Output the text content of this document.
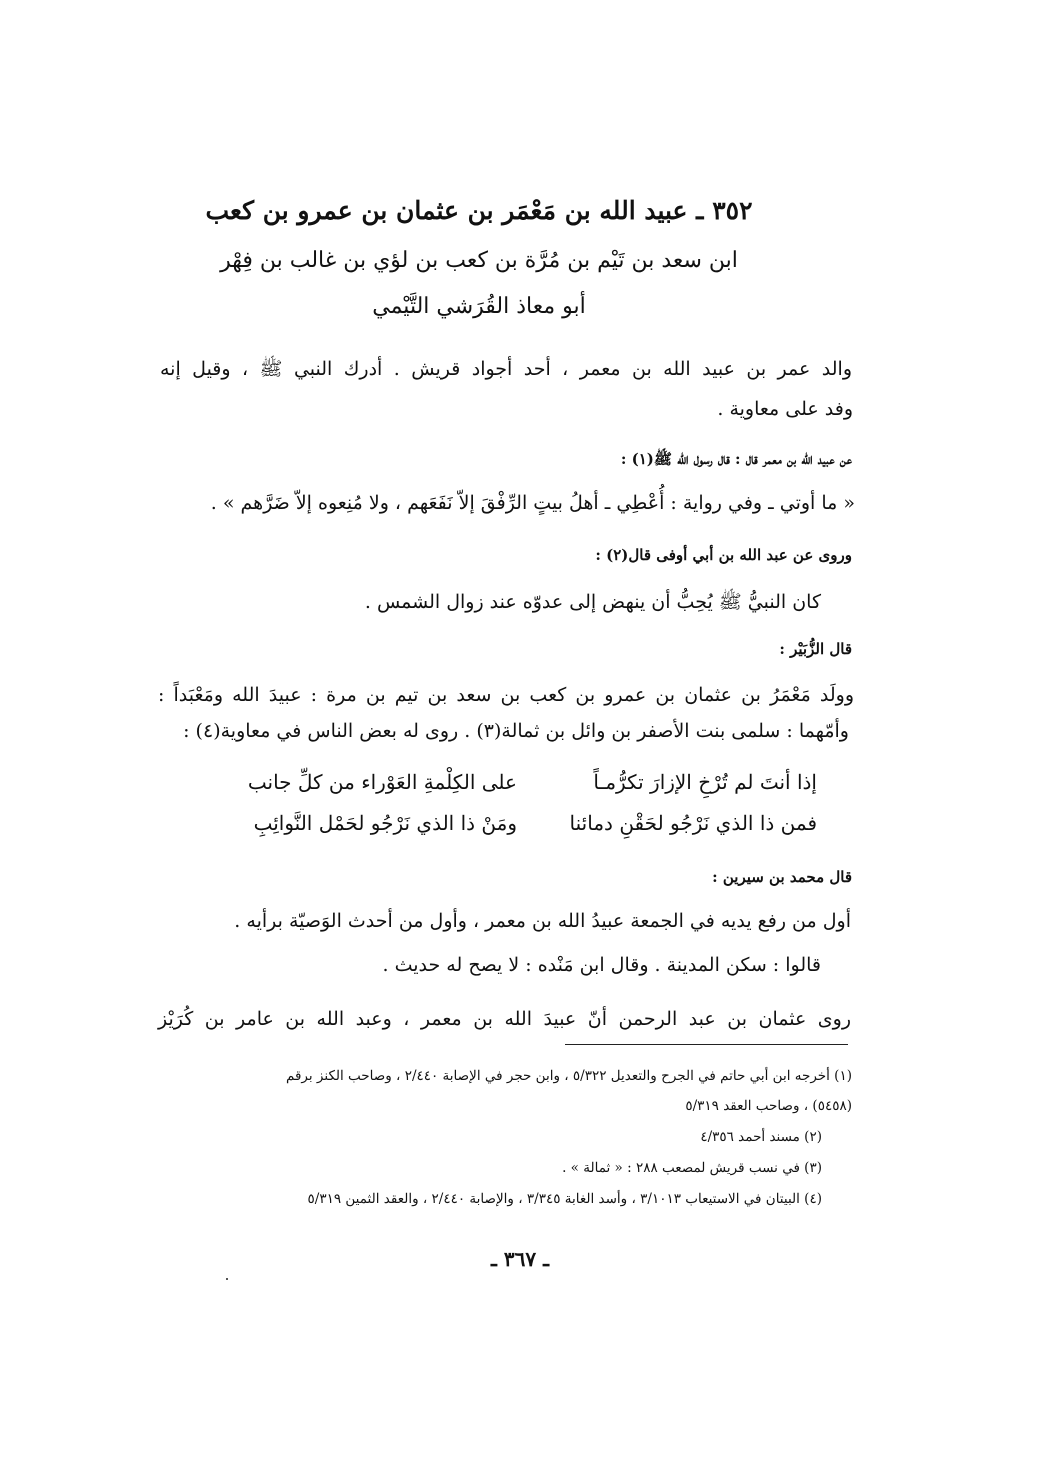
٣٥٢ ـ عبيد الله بن مَعْمَر بن عثمان بن عمرو بن كعب
ابن سعد بن تَيْم بن مُرَّة بن كعب بن لؤي بن غالب بن فِهْر
أبو معاذ القُرَشي التَّيْمي
والد عمر بن عبيد الله بن معمر ، أحد أجواد قريش . أدرك النبي ﷺ ، وقيل إنه
وفد على معاوية .
عن عبيد الله بن معمر قال : قال رسول الله ﷺ(١) :
« ما أوتي ـ وفي رواية : أُعْطِي ـ أهلُ بيتٍ الرِّفْقَ إلاّ نَفَعَهم ، ولا مُنِعوه إلاّ ضَرَّهم » .
وروى عن عبد الله بن أبي أوفى قال(٢) :
كان النبيُّ ﷺ يُحِبُّ أن ينهض إلى عدوّه عند زوال الشمس .
قال الزُّبَيْر :
وولَد مَعْمَرُ بن عثمان بن عمرو بن كعب بن سعد بن تيم بن مرة : عبيدَ الله ومَعْبَداً :
وأمّهما : سلمى بنت الأصفر بن وائل بن ثمالة(٣) . روى له بعض الناس في معاوية(٤) :
إذا أنتَ لم تُرْخِ الإزارَ تكرُّمـاً
على الكِلْمةِ العَوْراء من كلِّ جانب
فمن ذا الذي نَرْجُو لحَقْنِ دمائنا
ومَنْ ذا الذي نَرْجُو لحَمْل النَّوائِبِ
قال محمد بن سيرين :
أول من رفع يديه في الجمعة عبيدُ الله بن معمر ، وأول من أحدث الوَصيّة برأيه .
قالوا : سكن المدينة . وقال ابن مَنْده : لا يصح له حديث .
روى عثمان بن عبد الرحمن أنّ عبيدَ الله بن معمر ، وعبد الله بن عامر بن كُرَيْز
(١) أخرجه ابن أبي حاتم في الجرح والتعديل ٥/٣٢٢ ، وابن حجر في الإصابة ٢/٤٤٠ ، وصاحب الكنز برقم
(٥٤٥٨) ، وصاحب العقد ٥/٣١٩
(٢) مسند أحمد ٤/٣٥٦
(٣) في نسب قريش لمصعب ٢٨٨ : « ثمالة » .
(٤) البيتان في الاستيعاب ٣/١٠١٣ ، وأسد الغابة ٣/٣٤٥ ، والإصابة ٢/٤٤٠ ، والعقد الثمين ٥/٣١٩
ـ ٣٦٧ ـ
